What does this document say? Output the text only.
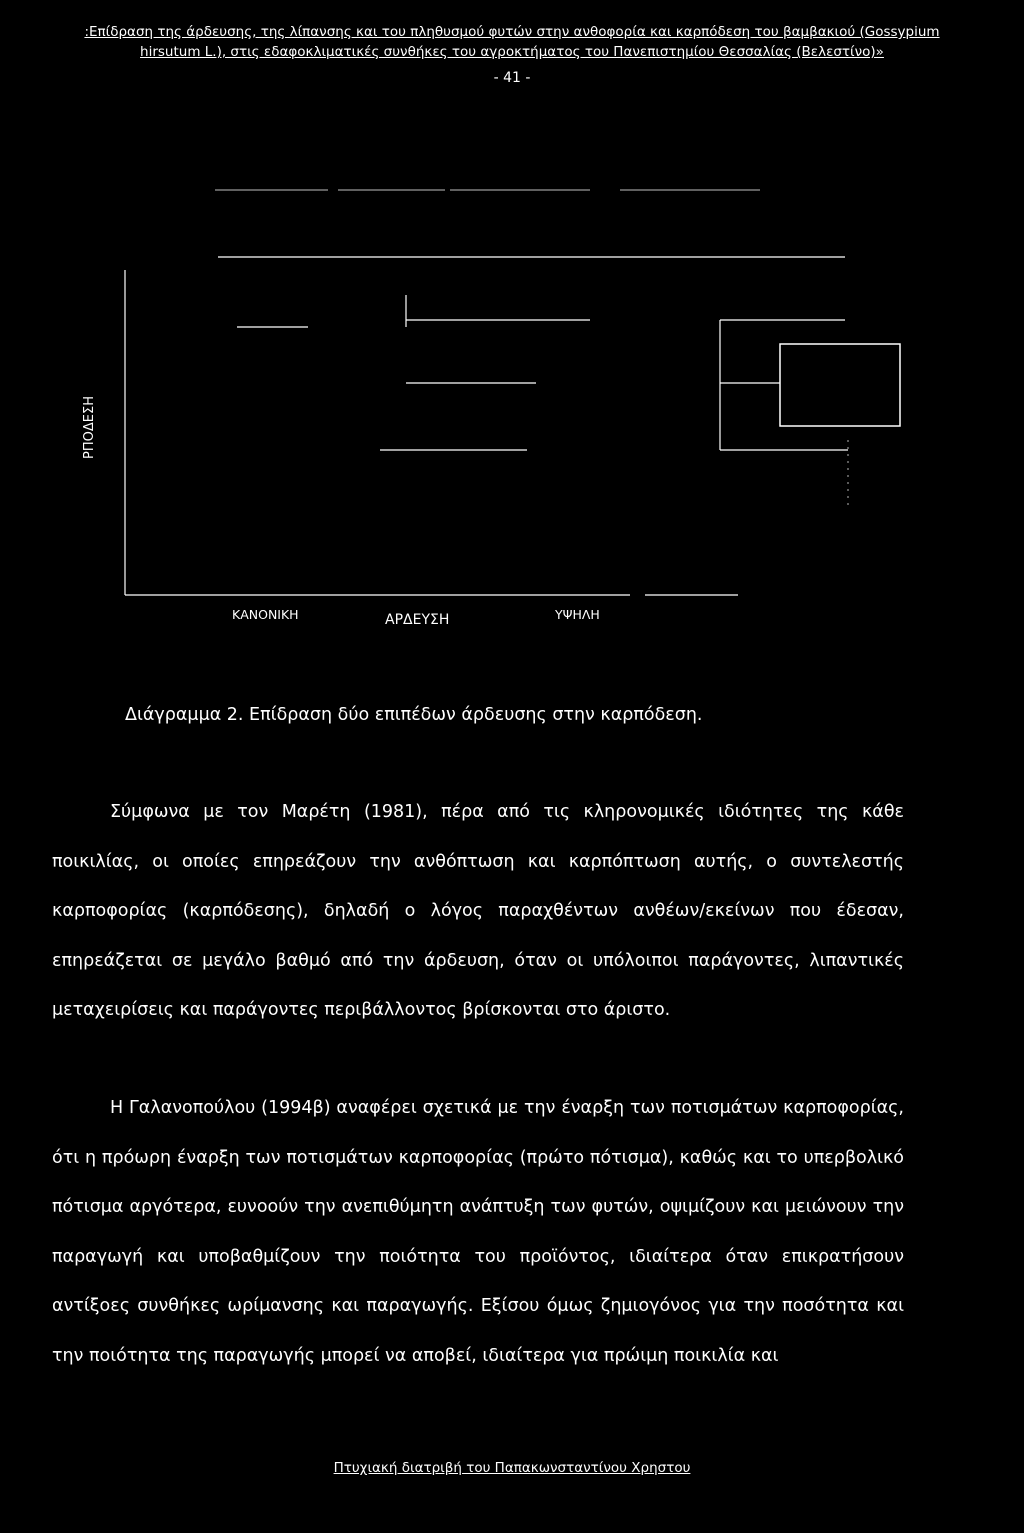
:Επίδραση της άρδευσης, της λίπανσης και του πληθυσμού φυτών στην ανθοφορία και καρπόδεση του βαμβακιού (Gossypium
hirsutum L.), στις εδαφοκλιματικές συνθήκες του αγροκτήματος του Πανεπιστημίου Θεσσαλίας (Βελεστίνο)»
- 41 -
ΡΠΟΔΕΣΗ
ΚΑΝΟΝΙΚΗ	ΑΡΔΕΥΣΗ	ΥΨΗΛΗ
Διάγραμμα 2. Επίδραση δύο επιπέδων άρδευσης στην καρπόδεση.

Σύμφωνα με τον Μαρέτη (1981), πέρα από τις κληρονομικές ιδιότητες της κάθε ποικιλίας, οι οποίες επηρεάζουν την ανθόπτωση και καρπόπτωση αυτής, ο συντελεστής καρποφορίας (καρπόδεσης), δηλαδή ο λόγος παραχθέντων ανθέων/εκείνων που έδεσαν, επηρεάζεται σε μεγάλο βαθμό από την άρδευση, όταν οι υπόλοιποι παράγοντες, λιπαντικές μεταχειρίσεις και παράγοντες περιβάλλοντος βρίσκονται στο άριστο.

Η Γαλανοπούλου (1994β) αναφέρει σχετικά με την έναρξη των ποτισμάτων καρποφορίας, ότι η πρόωρη έναρξη των ποτισμάτων καρποφορίας (πρώτο πότισμα), καθώς και το υπερβολικό πότισμα αργότερα, ευνοούν την ανεπιθύμητη ανάπτυξη των φυτών, οψιμίζουν και μειώνουν την παραγωγή και υποβαθμίζουν την ποιότητα του προϊόντος, ιδιαίτερα όταν επικρατήσουν αντίξοες συνθήκες ωρίμανσης και παραγωγής. Εξίσου όμως ζημιογόνος για την ποσότητα και την ποιότητα της παραγωγής μπορεί να αποβεί, ιδιαίτερα για πρώιμη ποικιλία και

Πτυχιακή διατριβή του Παπακωνσταντίνου Χρηστου
